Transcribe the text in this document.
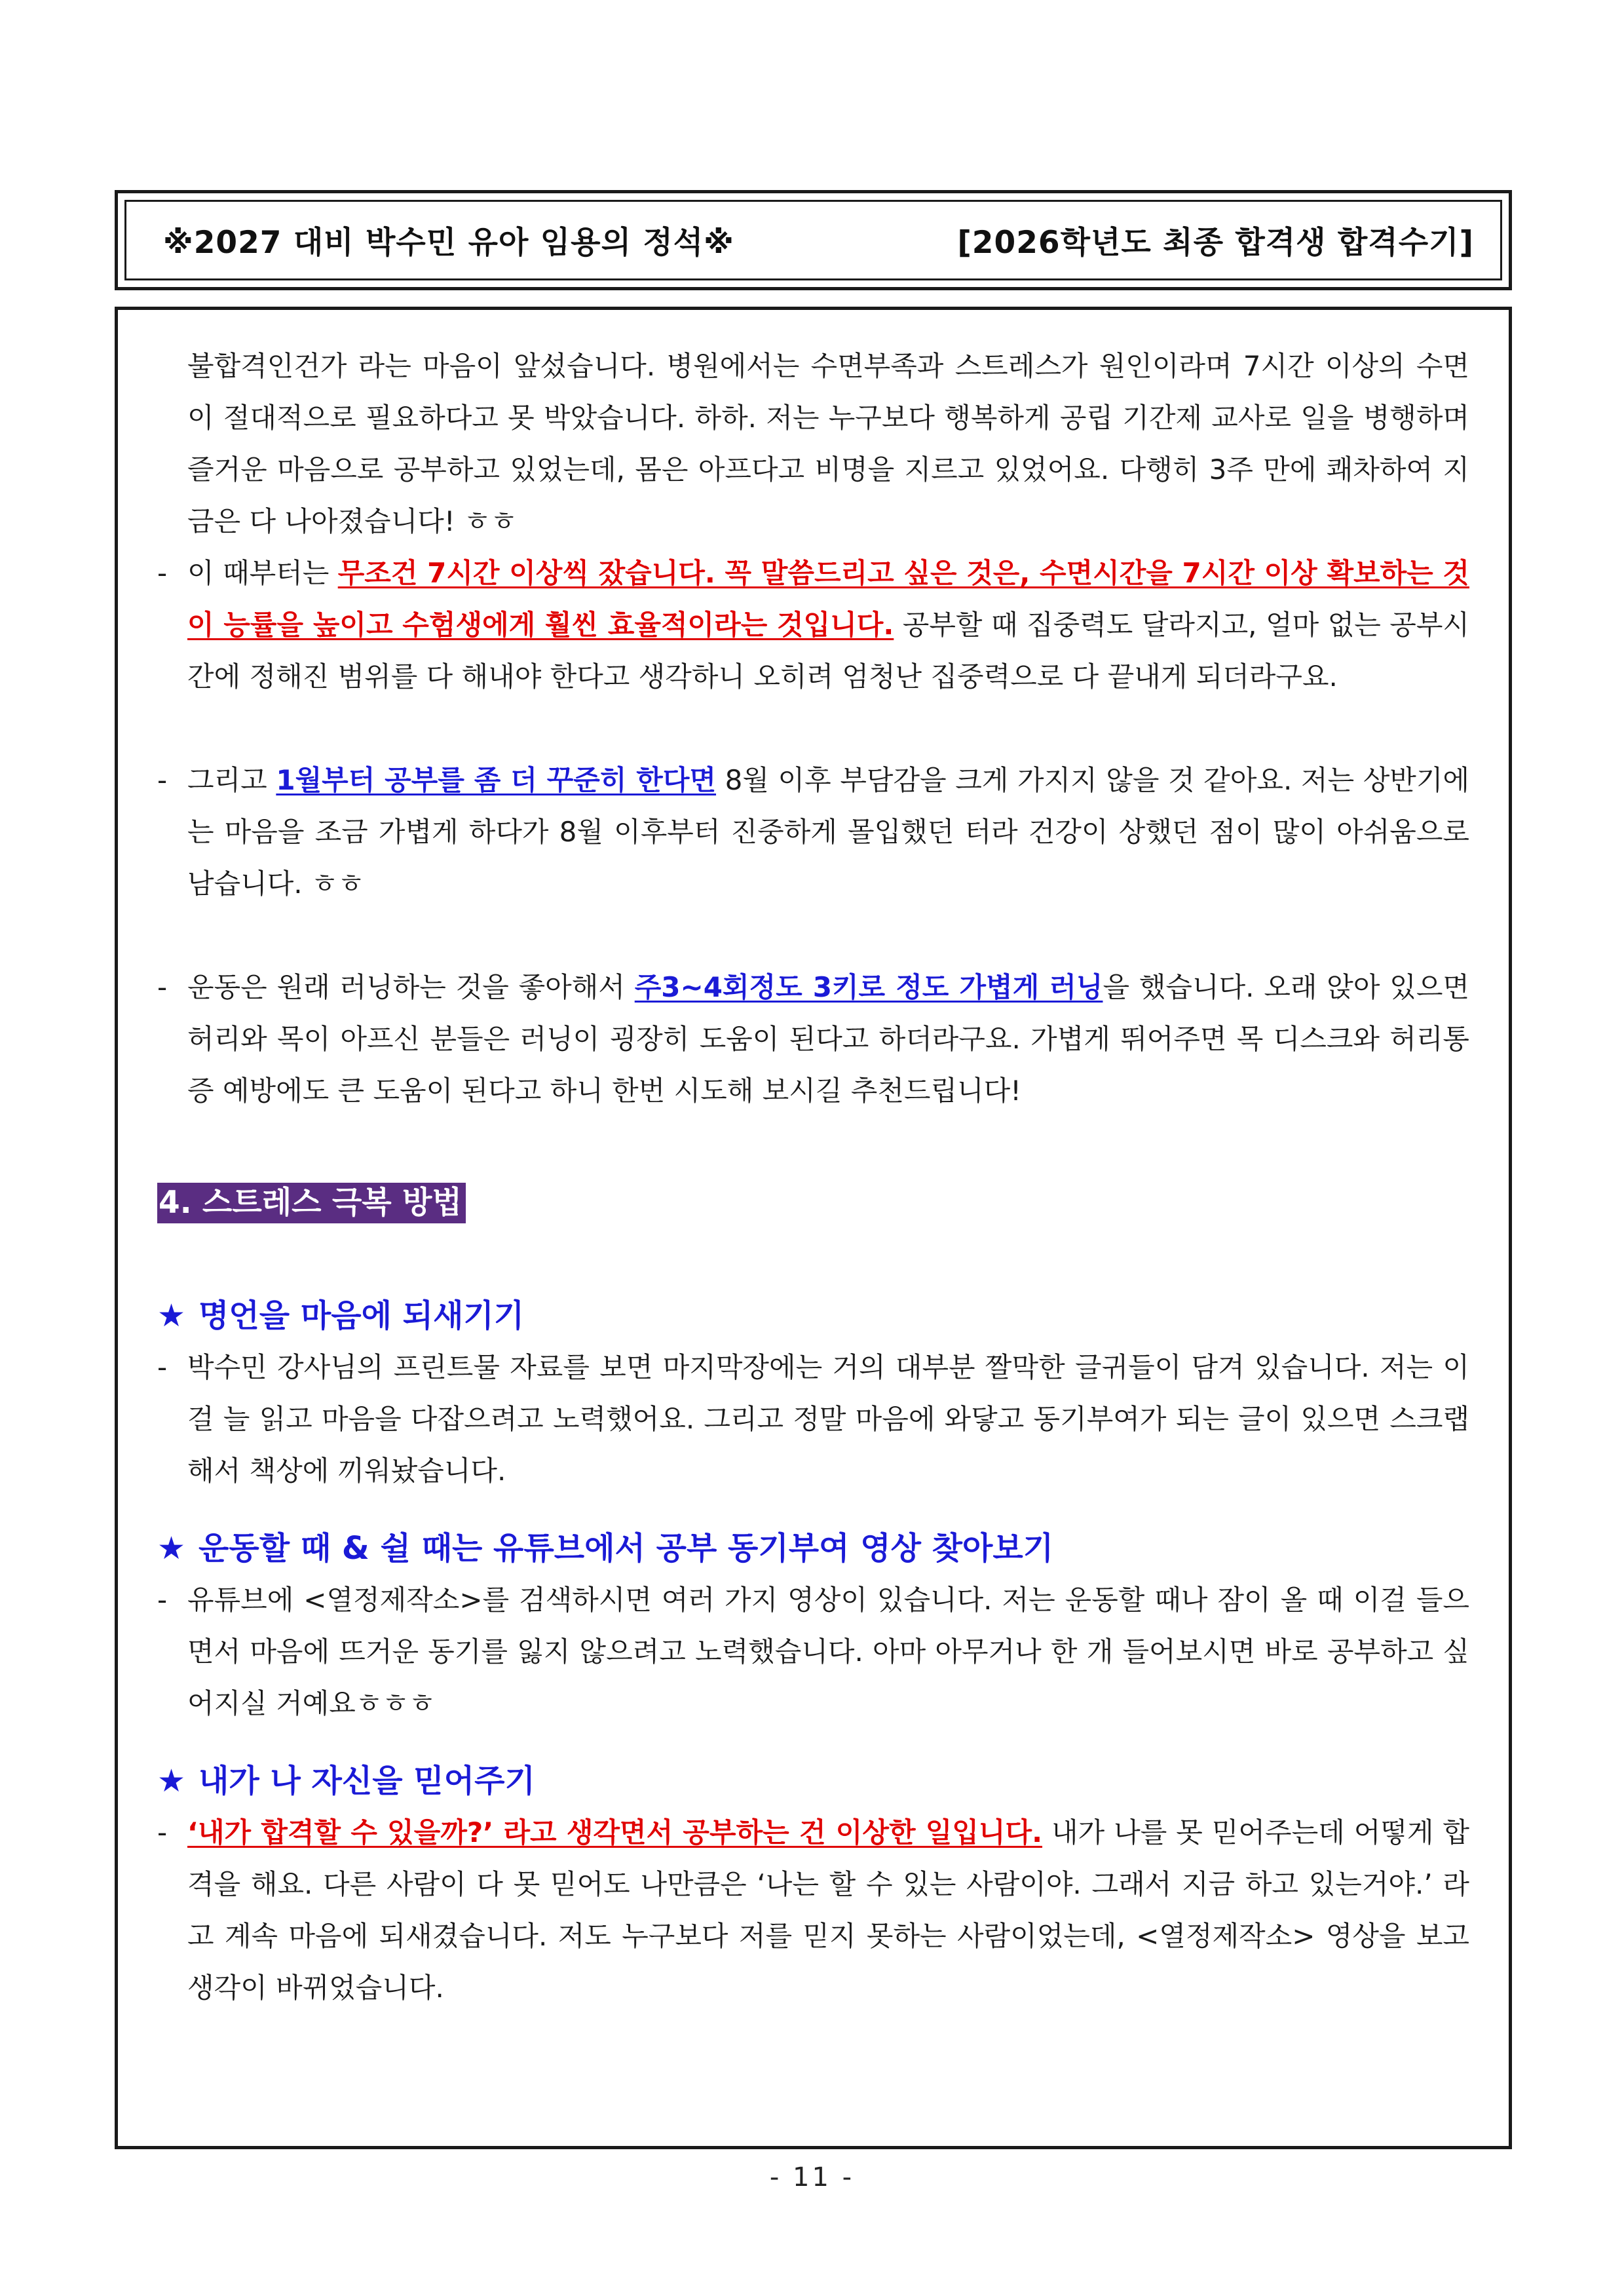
※2027 대비 박수민 유아 임용의 정석※	[2026학년도 최종 합격생 합격수기]

불합격인건가 라는 마음이 앞섰습니다. 병원에서는 수면부족과 스트레스가 원인이라며 7시간 이상의 수면이 절대적으로 필요하다고 못 박았습니다. 하하. 저는 누구보다 행복하게 공립 기간제 교사로 일을 병행하며 즐거운 마음으로 공부하고 있었는데, 몸은 아프다고 비명을 지르고 있었어요. 다행히 3주 만에 쾌차하여 지금은 다 나아졌습니다! ㅎㅎ

- 이 때부터는 무조건 7시간 이상씩 잤습니다. 꼭 말씀드리고 싶은 것은, 수면시간을 7시간 이상 확보하는 것이 능률을 높이고 수험생에게 훨씬 효율적이라는 것입니다. 공부할 때 집중력도 달라지고, 얼마 없는 공부시간에 정해진 범위를 다 해내야 한다고 생각하니 오히려 엄청난 집중력으로 다 끝내게 되더라구요.

- 그리고 1월부터 공부를 좀 더 꾸준히 한다면 8월 이후 부담감을 크게 가지지 않을 것 같아요. 저는 상반기에는 마음을 조금 가볍게 하다가 8월 이후부터 진중하게 몰입했던 터라 건강이 상했던 점이 많이 아쉬움으로 남습니다. ㅎㅎ

- 운동은 원래 러닝하는 것을 좋아해서 주3~4회정도 3키로 정도 가볍게 러닝을 했습니다. 오래 앉아 있으면 허리와 목이 아프신 분들은 러닝이 굉장히 도움이 된다고 하더라구요. 가볍게 뛰어주면 목 디스크와 허리통증 예방에도 큰 도움이 된다고 하니 한번 시도해 보시길 추천드립니다!

4. 스트레스 극복 방법
★ 명언을 마음에 되새기기

- 박수민 강사님의 프린트물 자료를 보면 마지막장에는 거의 대부분 짤막한 글귀들이 담겨 있습니다. 저는 이걸 늘 읽고 마음을 다잡으려고 노력했어요. 그리고 정말 마음에 와닿고 동기부여가 되는 글이 있으면 스크랩해서 책상에 끼워놨습니다.

★ 운동할 때 & 쉴 때는 유튜브에서 공부 동기부여 영상 찾아보기

- 유튜브에 <열정제작소>를 검색하시면 여러 가지 영상이 있습니다. 저는 운동할 때나 잠이 올 때 이걸 들으면서 마음에 뜨거운 동기를 잃지 않으려고 노력했습니다. 아마 아무거나 한 개 들어보시면 바로 공부하고 싶어지실 거예요ㅎㅎㅎ

★ 내가 나 자신을 믿어주기

- ‘내가 합격할 수 있을까?’ 라고 생각면서 공부하는 건 이상한 일입니다. 내가 나를 못 믿어주는데 어떻게 합격을 해요. 다른 사람이 다 못 믿어도 나만큼은 ‘나는 할 수 있는 사람이야. 그래서 지금 하고 있는거야.’ 라고 계속 마음에 되새겼습니다. 저도 누구보다 저를 믿지 못하는 사람이었는데, <열정제작소> 영상을 보고 생각이 바뀌었습니다.

- 11 -
